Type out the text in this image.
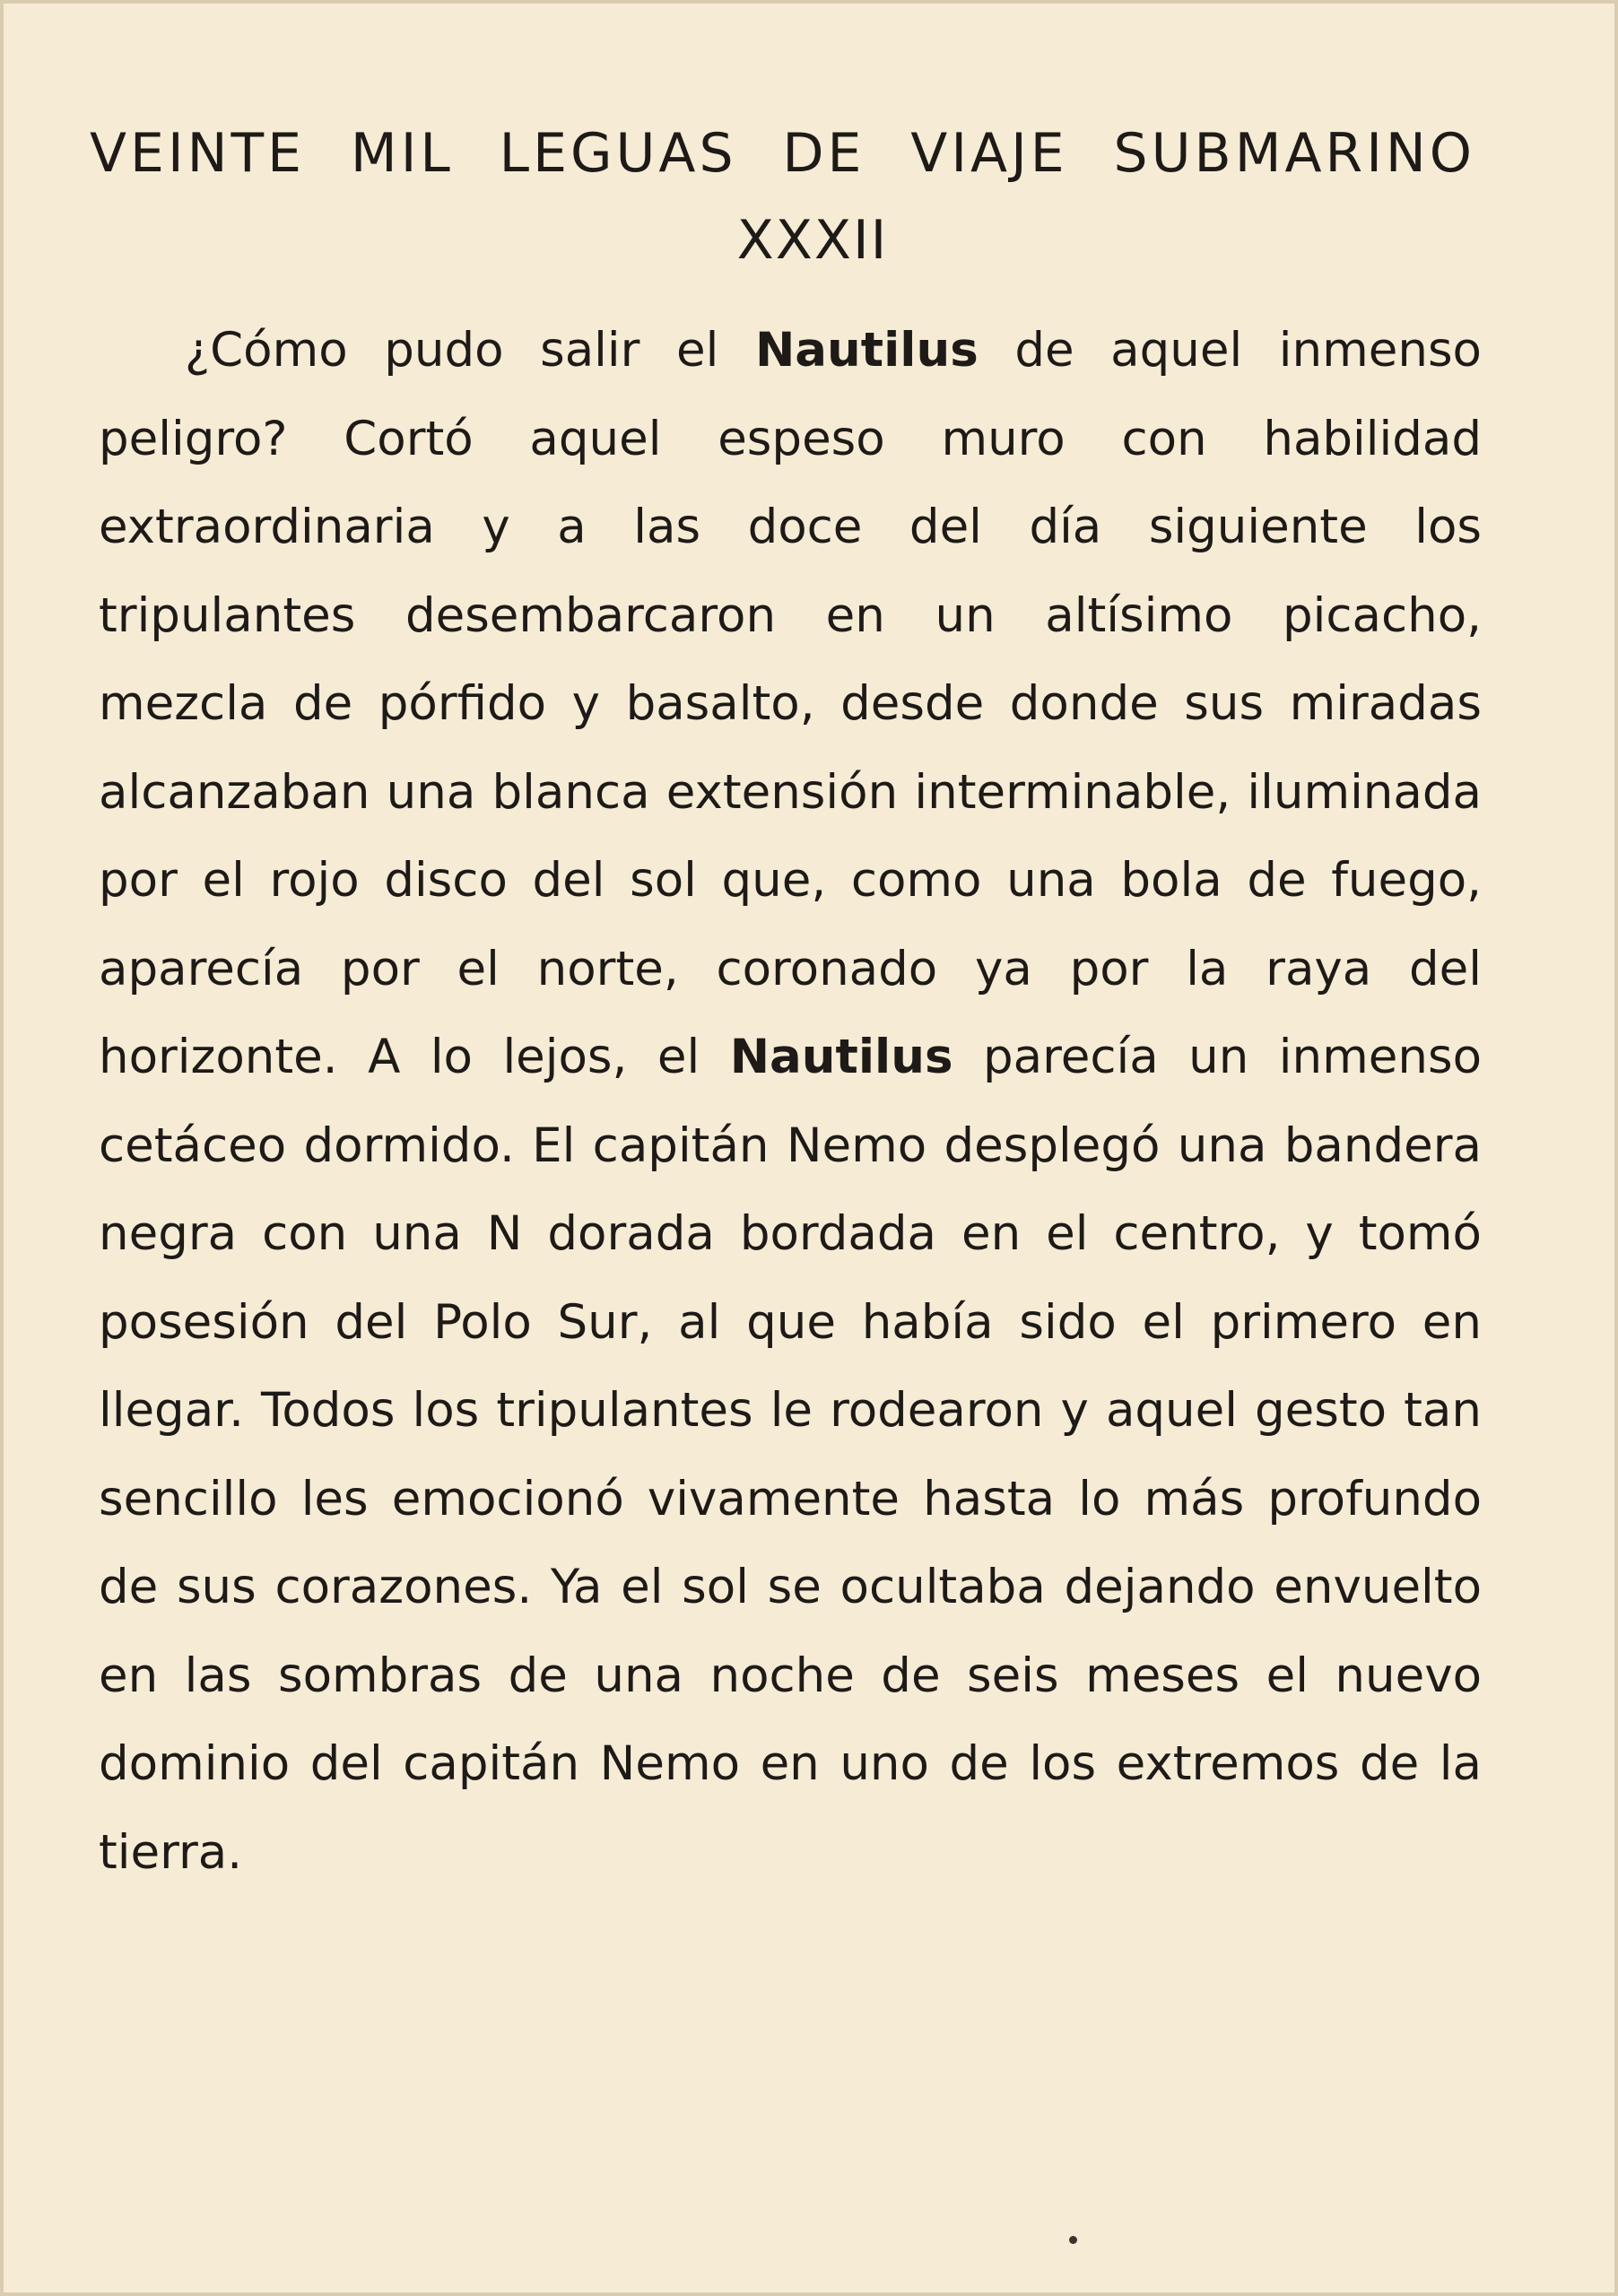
VEINTE MIL LEGUAS DE VIAJE SUBMARINO
XXXII

¿Cómo pudo salir el Nautilus de aquel inmenso peligro? Cortó aquel espeso muro con habilidad extraordinaria y a las doce del día siguiente los tripulantes desembarcaron en un altísimo picacho, mezcla de pórfido y basalto, desde donde sus miradas alcanzaban una blanca extensión interminable, iluminada por el rojo disco del sol que, como una bola de fuego, aparecía por el norte, coronado ya por la raya del horizonte. A lo lejos, el Nautilus parecía un inmenso cetáceo dormido. El capitán Nemo desplegó una bandera negra con una N dorada bordada en el centro, y tomó posesión del Polo Sur, al que había sido el primero en llegar. Todos los tripulantes le rodearon y aquel gesto tan sencillo les emocionó vivamente hasta lo más profundo de sus corazones. Ya el sol se ocultaba dejando envuelto en las sombras de una noche de seis meses el nuevo dominio del capitán Nemo en uno de los extremos de la tierra.
